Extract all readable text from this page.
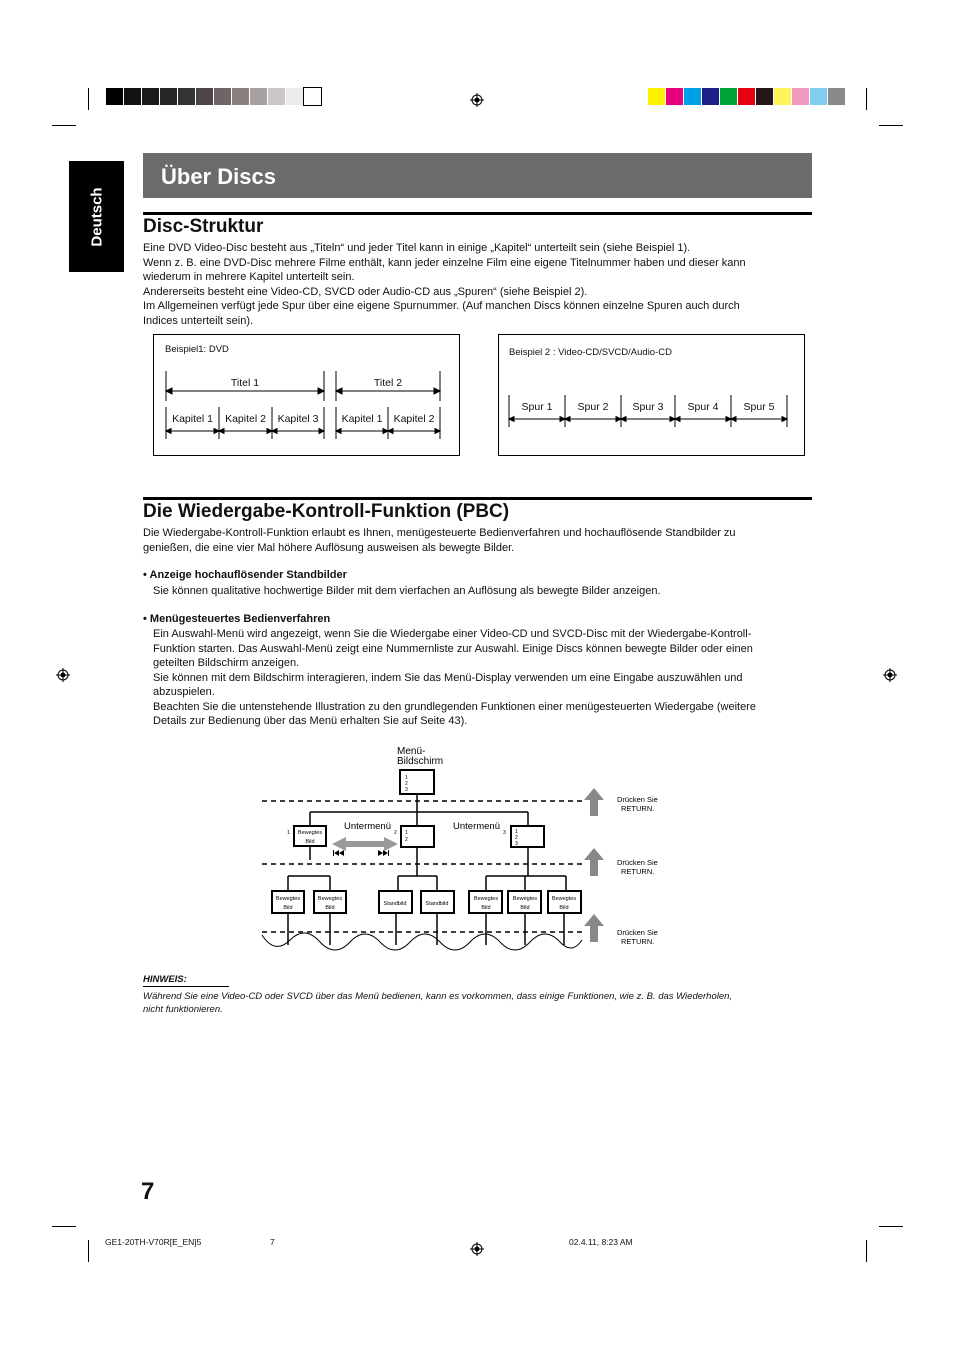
Deutsch
Über Discs
Disc-Struktur
Eine DVD Video-Disc besteht aus „Titeln“ und jeder Titel kann in einige „Kapitel“ unterteilt sein (siehe Beispiel 1).
Wenn z. B. eine DVD-Disc mehrere Filme enthält, kann jeder einzelne Film eine eigene Titelnummer haben und dieser kann
wiederum in mehrere Kapitel unterteilt sein.
Andererseits besteht eine Video-CD, SVCD oder Audio-CD aus „Spuren“ (siehe Beispiel 2).
Im Allgemeinen verfügt jede Spur über eine eigene Spurnummer. (Auf manchen Discs können einzelne Spuren auch durch
Indices unterteilt sein).
Beispiel1: DVD
Titel 1	Titel 2
Kapitel 1	Kapitel 2	Kapitel 3	Kapitel 1	Kapitel 2
Beispiel 2 : Video-CD/SVCD/Audio-CD
Spur 1	Spur 2	Spur 3	Spur 4	Spur 5
Die Wiedergabe-Kontroll-Funktion (PBC)
Die Wiedergabe-Kontroll-Funktion erlaubt es Ihnen, menügesteuerte Bedienverfahren und hochauflösende Standbilder zu
genießen, die eine vier Mal höhere Auflösung ausweisen als bewegte Bilder.
• Anzeige hochauflösender Standbilder
Sie können qualitative hochwertige Bilder mit dem vierfachen an Auflösung als bewegte Bilder anzeigen.
• Menügesteuertes Bedienverfahren
Ein Auswahl-Menü wird angezeigt, wenn Sie die Wiedergabe einer Video-CD und SVCD-Disc mit der Wiedergabe-Kontroll-
Funktion starten. Das Auswahl-Menü zeigt eine Nummernliste zur Auswahl. Einige Discs können bewegte Bilder oder einen
geteilten Bildschirm anzeigen.
Sie können mit dem Bildschirm interagieren, indem Sie das Menü-Display verwenden um eine Eingabe auszuwählen und
abzuspielen.
Beachten Sie die untenstehende Illustration zu den grundlegenden Funktionen einer menügesteuerten Wiedergabe (weitere
Details zur Bedienung über das Menü erhalten Sie auf Seite 43).
Menü-
Bildschirm
1
2
3
Untermenü	Untermenü
1	2	3
Bewegtes
Bild
1
2
1
2
3
Bewegtes
Bild
Bewegtes
Bild
Standbild	Standbild
Bewegtes
Bild
Bewegtes
Bild
Bewegtes
Bild
Drücken Sie
RETURN.
Drücken Sie
RETURN.
Drücken Sie
RETURN.
HINWEIS:
Während Sie eine Video-CD oder SVCD über das Menü bedienen, kann es vorkommen, dass einige Funktionen, wie z. B. das Wiederholen,
nicht funktionieren.
7
GE1-20TH-V70R[E_EN]5	7	02.4.11, 8:23 AM
